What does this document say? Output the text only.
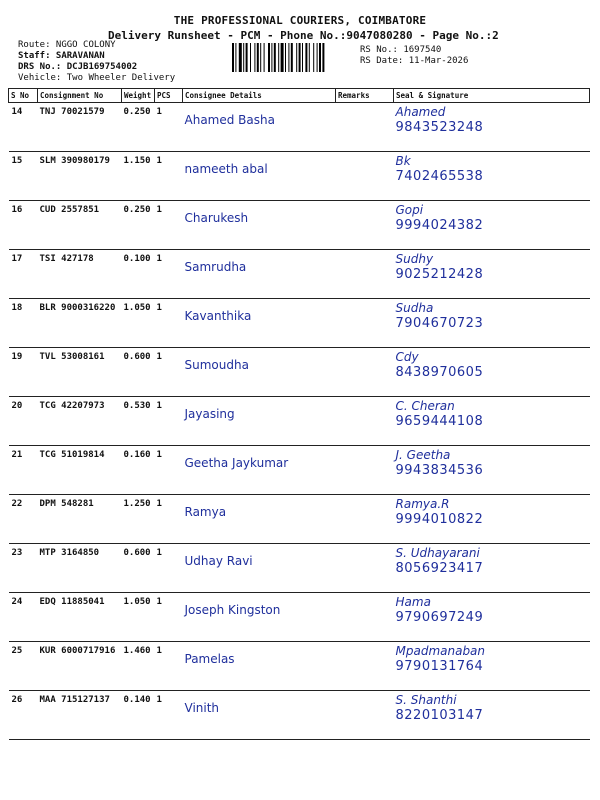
THE PROFESSIONAL COURIERS, COIMBATORE
Delivery Runsheet - PCM - Phone No.:9047080280 - Page No.:2
Route: NGGO COLONY
Staff: SARAVANAN
DRS No.: DCJB169754002
Vehicle: Two Wheeler Delivery
RS No.: 1697540
RS Date: 11-Mar-2026
S No	Consignment No	Weight	PCS	Consignee Details	Remarks	Seal & Signature
14	TNJ 70021579	0.250	1	Ahamed Basha		Ahamed
9843523248

15	SLM 390980179	1.150	1	nameeth abal		Bk
7402465538

16	CUD 2557851	0.250	1	Charukesh		Gopi
9994024382

17	TSI 427178	0.100	1	Samrudha		Sudhy
9025212428

18	BLR 9000316220	1.050	1	Kavanthika		Sudha
7904670723

19	TVL 53008161	0.600	1	Sumoudha		Cdy
8438970605

20	TCG 42207973	0.530	1	Jayasing		C. Cheran
9659444108

21	TCG 51019814	0.160	1	Geetha Jaykumar		J. Geetha
9943834536

22	DPM 548281	1.250	1	Ramya		Ramya.R
9994010822

23	MTP 3164850	0.600	1	Udhay Ravi		S. Udhayarani
8056923417

24	EDQ 11885041	1.050	1	Joseph Kingston		Hama
9790697249

25	KUR 6000717916	1.460	1	Pamelas		Mpadmanaban
9790131764

26	MAA 715127137	0.140	1	Vinith		S. Shanthi
8220103147
